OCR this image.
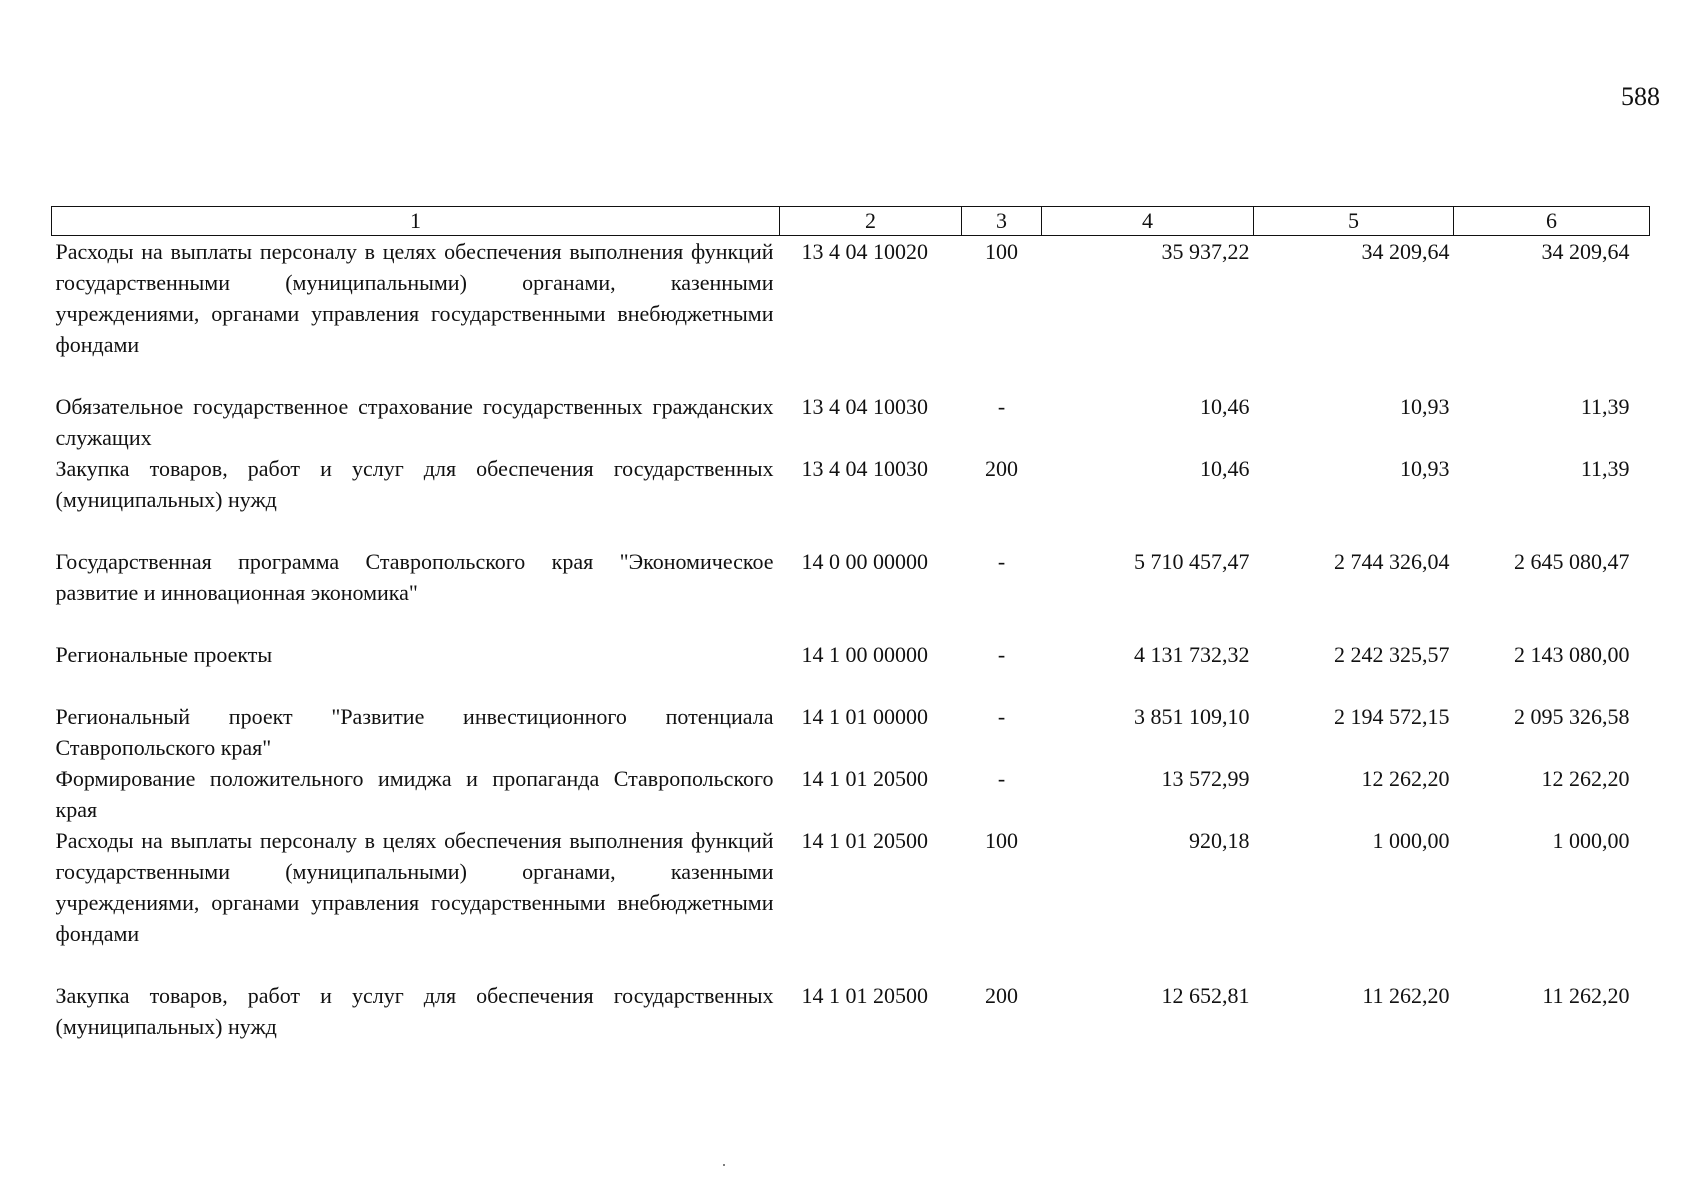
588
1	2	3	4	5	6
Расходы на выплаты персоналу в целях обеспечения выполнения функций государственными (муниципальными) органами, казенными учреждениями, органами управления государственными внебюджетными фондами	13 4 04 10020	100	35 937,22	34 209,64	34 209,64
Обязательное государственное страхование государственных гражданских служащих	13 4 04 10030	-	10,46	10,93	11,39
Закупка товаров, работ и услуг для обеспечения государственных (муниципальных) нужд	13 4 04 10030	200	10,46	10,93	11,39
Государственная программа Ставропольского края "Экономическое развитие и инновационная экономика"	14 0 00 00000	-	5 710 457,47	2 744 326,04	2 645 080,47
Региональные проекты	14 1 00 00000	-	4 131 732,32	2 242 325,57	2 143 080,00
Региональный проект "Развитие инвестиционного потенциала Ставропольского края"	14 1 01 00000	-	3 851 109,10	2 194 572,15	2 095 326,58
Формирование положительного имиджа и пропаганда Ставропольского края	14 1 01 20500	-	13 572,99	12 262,20	12 262,20
Расходы на выплаты персоналу в целях обеспечения выполнения функций государственными (муниципальными) органами, казенными учреждениями, органами управления государственными внебюджетными фондами	14 1 01 20500	100	920,18	1 000,00	1 000,00
Закупка товаров, работ и услуг для обеспечения государственных (муниципальных) нужд	14 1 01 20500	200	12 652,81	11 262,20	11 262,20
